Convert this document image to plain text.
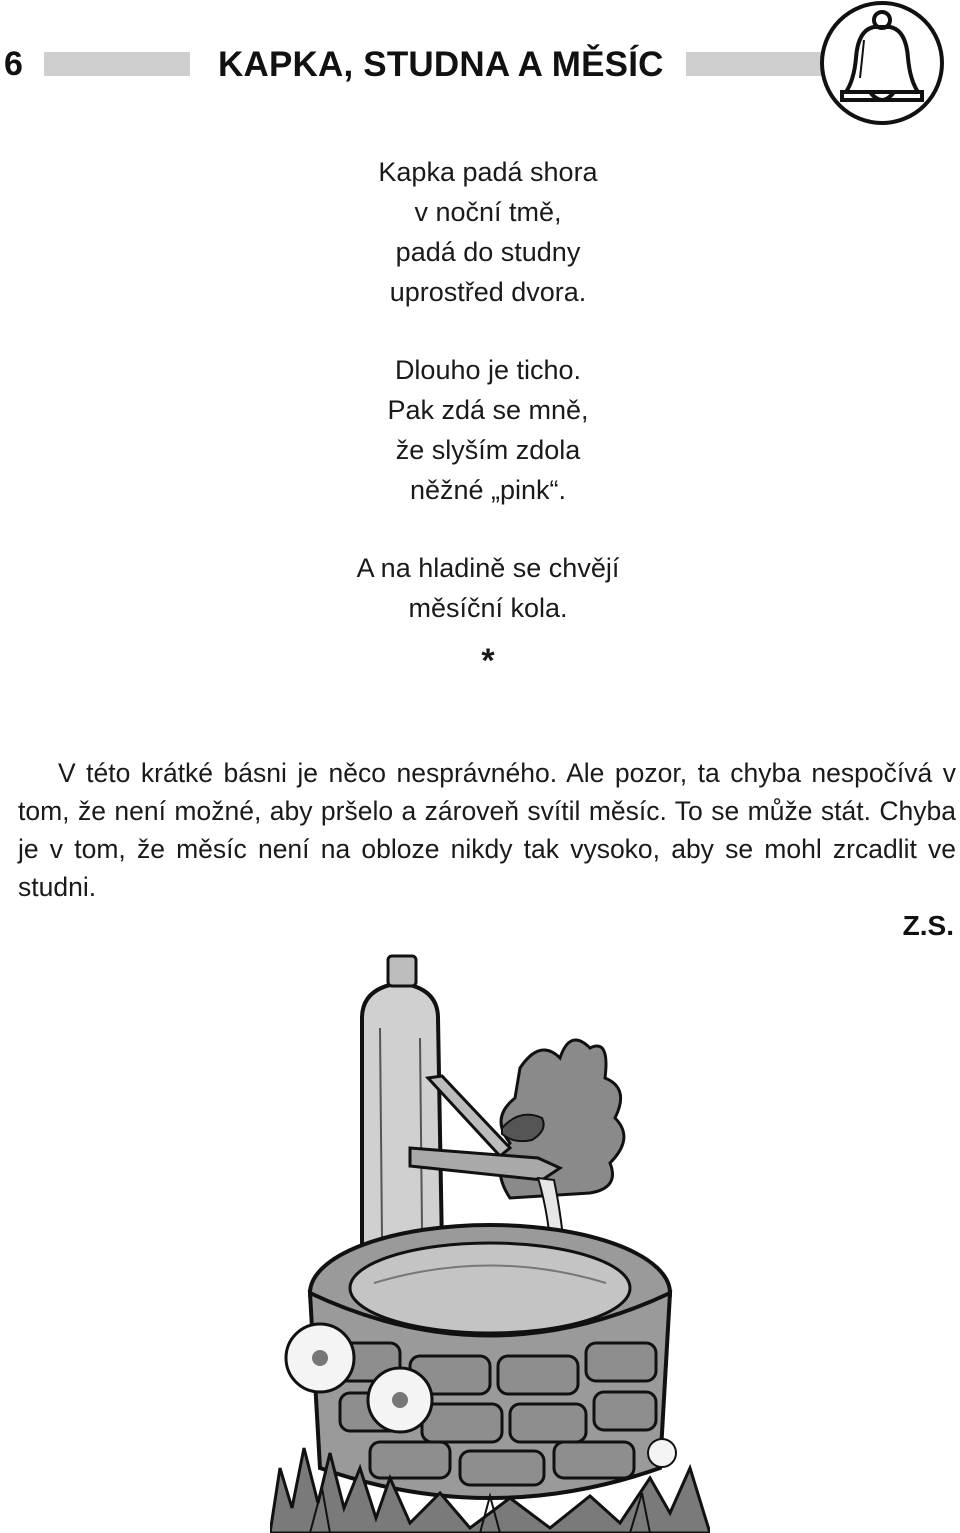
6	KAPKA, STUDNA A MĚSÍC
Kapka padá shora
v noční tmě,
padá do studny
uprostřed dvora.
Dlouho je ticho.
Pak zdá se mně,
že slyším zdola
něžné „pink“.
A na hladině se chvějí
měsíční kola.
*

V této krátké básni je něco nesprávného. Ale pozor, ta chyba nespočívá v tom, že není možné, aby pršelo a zároveň svítil měsíc. To se může stát. Chyba je v tom, že měsíc není na obloze nikdy tak vysoko, aby se mohl zrcadlit ve studni.

Z.S.
